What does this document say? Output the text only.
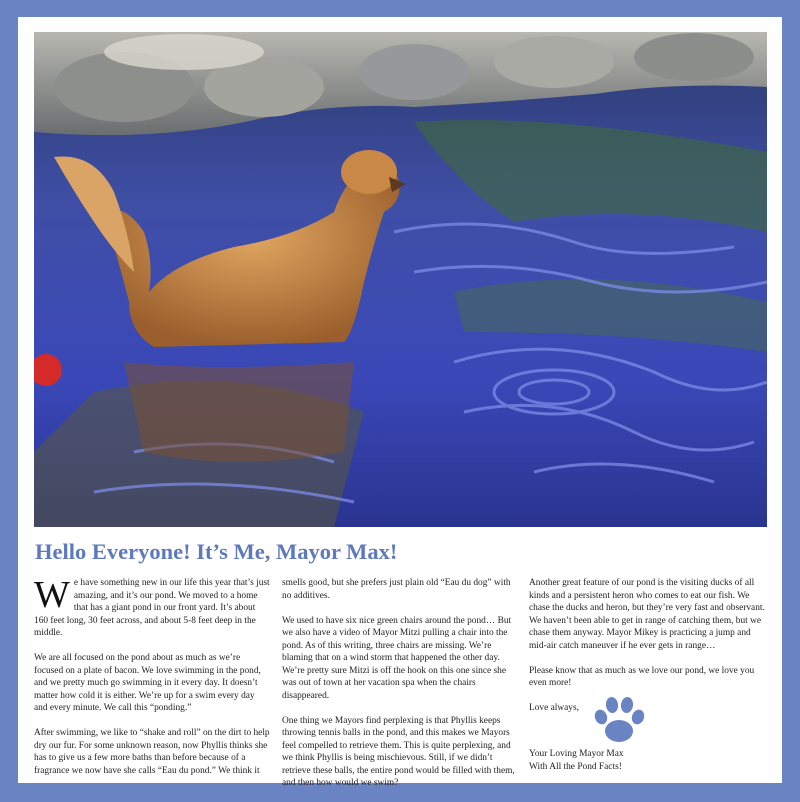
Hello Everyone! It’s Me, Mayor Max!

We have something new in our life this year that’s just amazing, and it’s our pond. We moved to a home that has a giant pond in our front yard. It’s about 160 feet long, 30 feet across, and about 5-8 feet deep in the middle.

We are all focused on the pond about as much as we’re focused on a plate of bacon. We love swimming in the pond, and we pretty much go swimming in it every day. It doesn’t matter how cold it is either. We’re up for a swim every day and every minute. We call this “ponding.”

After swimming, we like to “shake and roll” on the dirt to help dry our fur. For some unknown reason, now Phyllis thinks she has to give us a few more baths than before because of a fragrance we now have she calls “Eau du pond.” We think it

smells good, but she prefers just plain old “Eau du dog” with no additives.

We used to have six nice green chairs around the pond… But we also have a video of Mayor Mitzi pulling a chair into the pond. As of this writing, three chairs are missing. We’re blaming that on a wind storm that happened the other day. We’re pretty sure Mitzi is off the hook on this one since she was out of town at her vacation spa when the chairs disappeared.

One thing we Mayors find perplexing is that Phyllis keeps throwing tennis balls in the pond, and this makes we Mayors feel compelled to retrieve them. This is quite perplexing, and we think Phyllis is being mischievous. Still, if we didn’t retrieve these balls, the entire pond would be filled with them, and then how would we swim?

Another great feature of our pond is the visiting ducks of all kinds and a persistent heron who comes to eat our fish. We chase the ducks and heron, but they’re very fast and observant. We haven’t been able to get in range of catching them, but we chase them anyway. Mayor Mikey is practicing a jump and mid-air catch maneuver if he ever gets in range…

Please know that as much as we love our pond, we love you even more!

Love always,

Your Loving Mayor Max
With All the Pond Facts!
